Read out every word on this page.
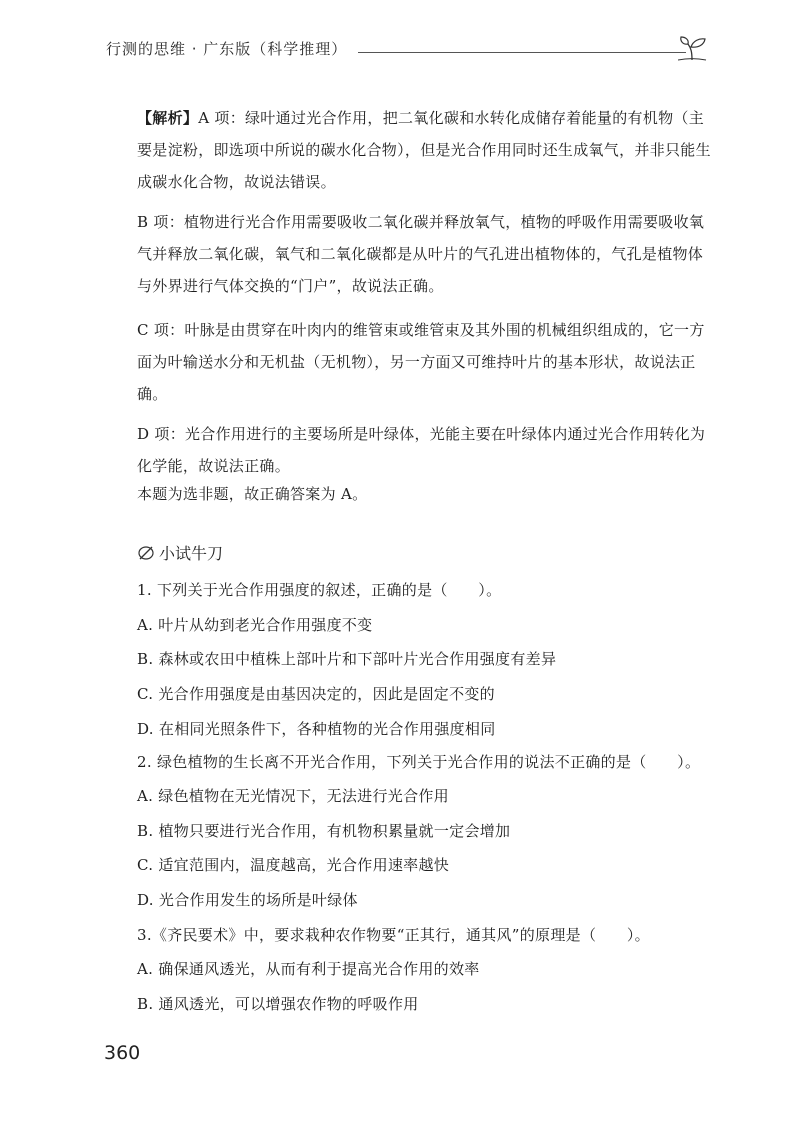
行测的思维 · 广东版（科学推理）

【解析】A 项：绿叶通过光合作用，把二氧化碳和水转化成储存着能量的有机物（主要是淀粉，即选项中所说的碳水化合物），但是光合作用同时还生成氧气，并非只能生成碳水化合物，故说法错误。

B 项：植物进行光合作用需要吸收二氧化碳并释放氧气，植物的呼吸作用需要吸收氧气并释放二氧化碳，氧气和二氧化碳都是从叶片的气孔进出植物体的，气孔是植物体与外界进行气体交换的“门户”，故说法正确。

C 项：叶脉是由贯穿在叶肉内的维管束或维管束及其外围的机械组织组成的，它一方面为叶输送水分和无机盐（无机物），另一方面又可维持叶片的基本形状，故说法正确。

D 项：光合作用进行的主要场所是叶绿体，光能主要在叶绿体内通过光合作用转化为化学能，故说法正确。

本题为选非题，故正确答案为 A。

小试牛刀
1. 下列关于光合作用强度的叙述，正确的是（　　）。
A. 叶片从幼到老光合作用强度不变
B. 森林或农田中植株上部叶片和下部叶片光合作用强度有差异
C. 光合作用强度是由基因决定的，因此是固定不变的
D. 在相同光照条件下，各种植物的光合作用强度相同
2. 绿色植物的生长离不开光合作用，下列关于光合作用的说法不正确的是（　　）。
A. 绿色植物在无光情况下，无法进行光合作用
B. 植物只要进行光合作用，有机物积累量就一定会增加
C. 适宜范围内，温度越高，光合作用速率越快
D. 光合作用发生的场所是叶绿体
3.《齐民要术》中，要求栽种农作物要“正其行，通其风”的原理是（　　）。
A. 确保通风透光，从而有利于提高光合作用的效率
B. 通风透光，可以增强农作物的呼吸作用
360
